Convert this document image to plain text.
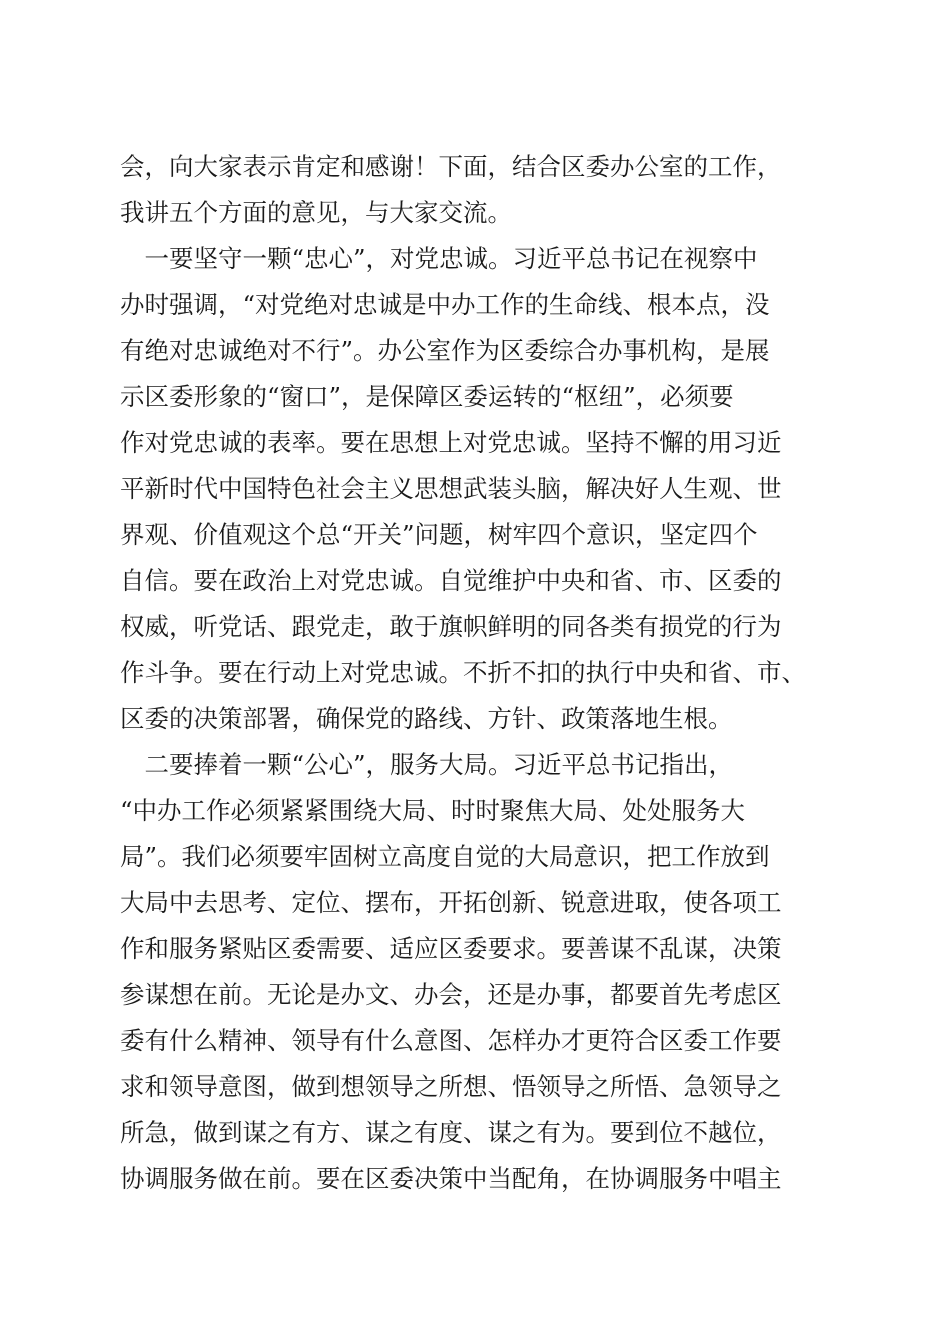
会，向大家表示肯定和感谢！下面，结合区委办公室的工作，
我讲五个方面的意见，与大家交流。
　一要坚守一颗“忠心”，对党忠诚。习近平总书记在视察中
办时强调，“对党绝对忠诚是中办工作的生命线、根本点，没
有绝对忠诚绝对不行”。办公室作为区委综合办事机构，是展
示区委形象的“窗口”，是保障区委运转的“枢纽”，必须要
作对党忠诚的表率。要在思想上对党忠诚。坚持不懈的用习近
平新时代中国特色社会主义思想武装头脑，解决好人生观、世
界观、价值观这个总“开关”问题，树牢四个意识，坚定四个
自信。要在政治上对党忠诚。自觉维护中央和省、市、区委的
权威，听党话、跟党走，敢于旗帜鲜明的同各类有损党的行为
作斗争。要在行动上对党忠诚。不折不扣的执行中央和省、市、
区委的决策部署，确保党的路线、方针、政策落地生根。
　二要捧着一颗“公心”，服务大局。习近平总书记指出，
“中办工作必须紧紧围绕大局、时时聚焦大局、处处服务大
局”。我们必须要牢固树立高度自觉的大局意识，把工作放到
大局中去思考、定位、摆布，开拓创新、锐意进取，使各项工
作和服务紧贴区委需要、适应区委要求。要善谋不乱谋，决策
参谋想在前。无论是办文、办会，还是办事，都要首先考虑区
委有什么精神、领导有什么意图、怎样办才更符合区委工作要
求和领导意图，做到想领导之所想、悟领导之所悟、急领导之
所急，做到谋之有方、谋之有度、谋之有为。要到位不越位，
协调服务做在前。要在区委决策中当配角，在协调服务中唱主
